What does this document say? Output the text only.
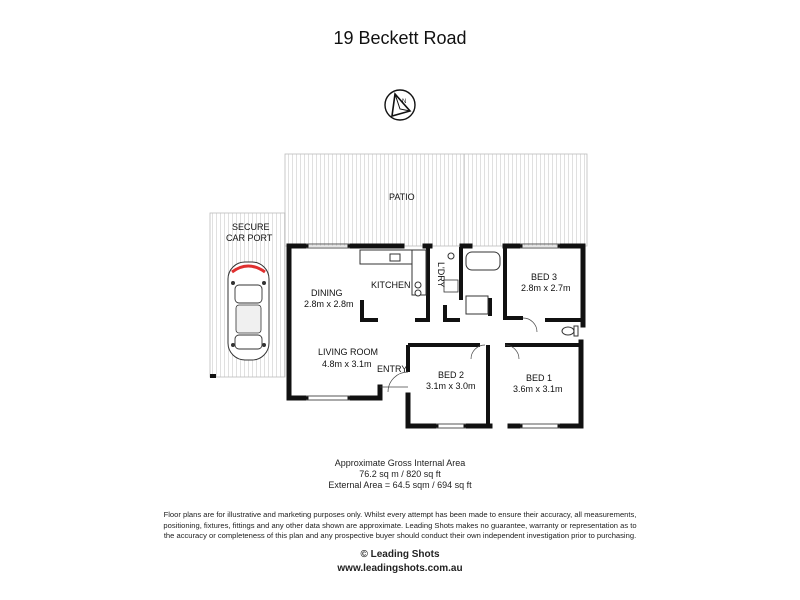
19 Beckett Road
N
PATIO
SECURE
CAR PORT
DINING
2.8m x 2.8m
KITCHEN	L'DRY	BED 3
2.8m x 2.7m
LIVING ROOM
4.8m x 3.1m ENTRY
BED 2
3.1m x 3.0m
BED 1
3.6m x 3.1m
Approximate Gross Internal Area
76.2 sq m / 820 sq ft
External Area = 64.5 sqm / 694 sq ft
Floor plans are for illustrative and marketing purposes only. Whilst every attempt has been made to ensure their accuracy, all measurements,
positioning, fixtures, fittings and any other data shown are approximate. Leading Shots makes no guarantee, warranty or representation as to
the accuracy or completeness of this plan and any prospective buyer should conduct their own independent investigation prior to purchasing.
© Leading Shots
www.leadingshots.com.au
